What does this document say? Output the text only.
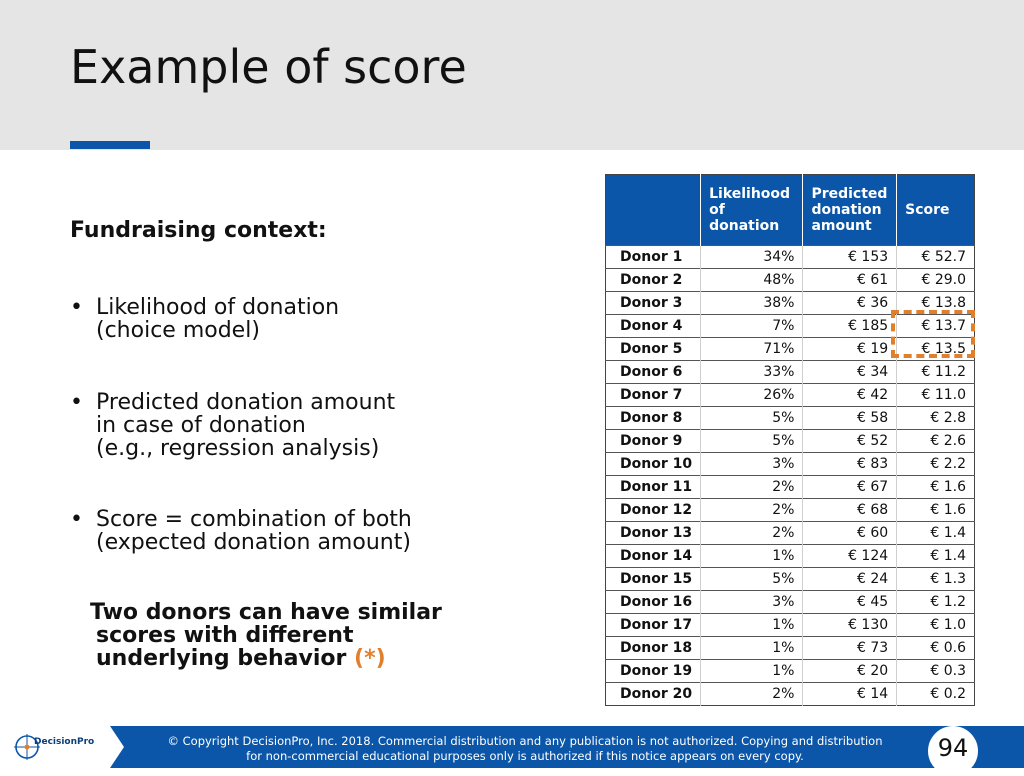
Example of score

Fundraising context:

• Likelihood of donation
(choice model)
• Predicted donation amount
in case of donation
(e.g., regression analysis)
• Score = combination of both
(expected donation amount)
Two donors can have similar
scores with different
underlying behavior (*)
	Likelihood of donation	Predicted donation amount	Score
Donor 1	34%	€ 153	€ 52.7
Donor 2	48%	€ 61	€ 29.0
Donor 3	38%	€ 36	€ 13.8
Donor 4	7%	€ 185	€ 13.7
Donor 5	71%	€ 19	€ 13.5
Donor 6	33%	€ 34	€ 11.2
Donor 7	26%	€ 42	€ 11.0
Donor 8	5%	€ 58	€ 2.8
Donor 9	5%	€ 52	€ 2.6
Donor 10	3%	€ 83	€ 2.2
Donor 11	2%	€ 67	€ 1.6
Donor 12	2%	€ 68	€ 1.6
Donor 13	2%	€ 60	€ 1.4
Donor 14	1%	€ 124	€ 1.4
Donor 15	5%	€ 24	€ 1.3
Donor 16	3%	€ 45	€ 1.2
Donor 17	1%	€ 130	€ 1.0
Donor 18	1%	€ 73	€ 0.6
Donor 19	1%	€ 20	€ 0.3
Donor 20	2%	€ 14	€ 0.2
DecisionPro	© Copyright DecisionPro, Inc. 2018. Commercial distribution and any publication is not authorized. Copying and distribution
for non-commercial educational purposes only is authorized if this notice appears on every copy.	94
